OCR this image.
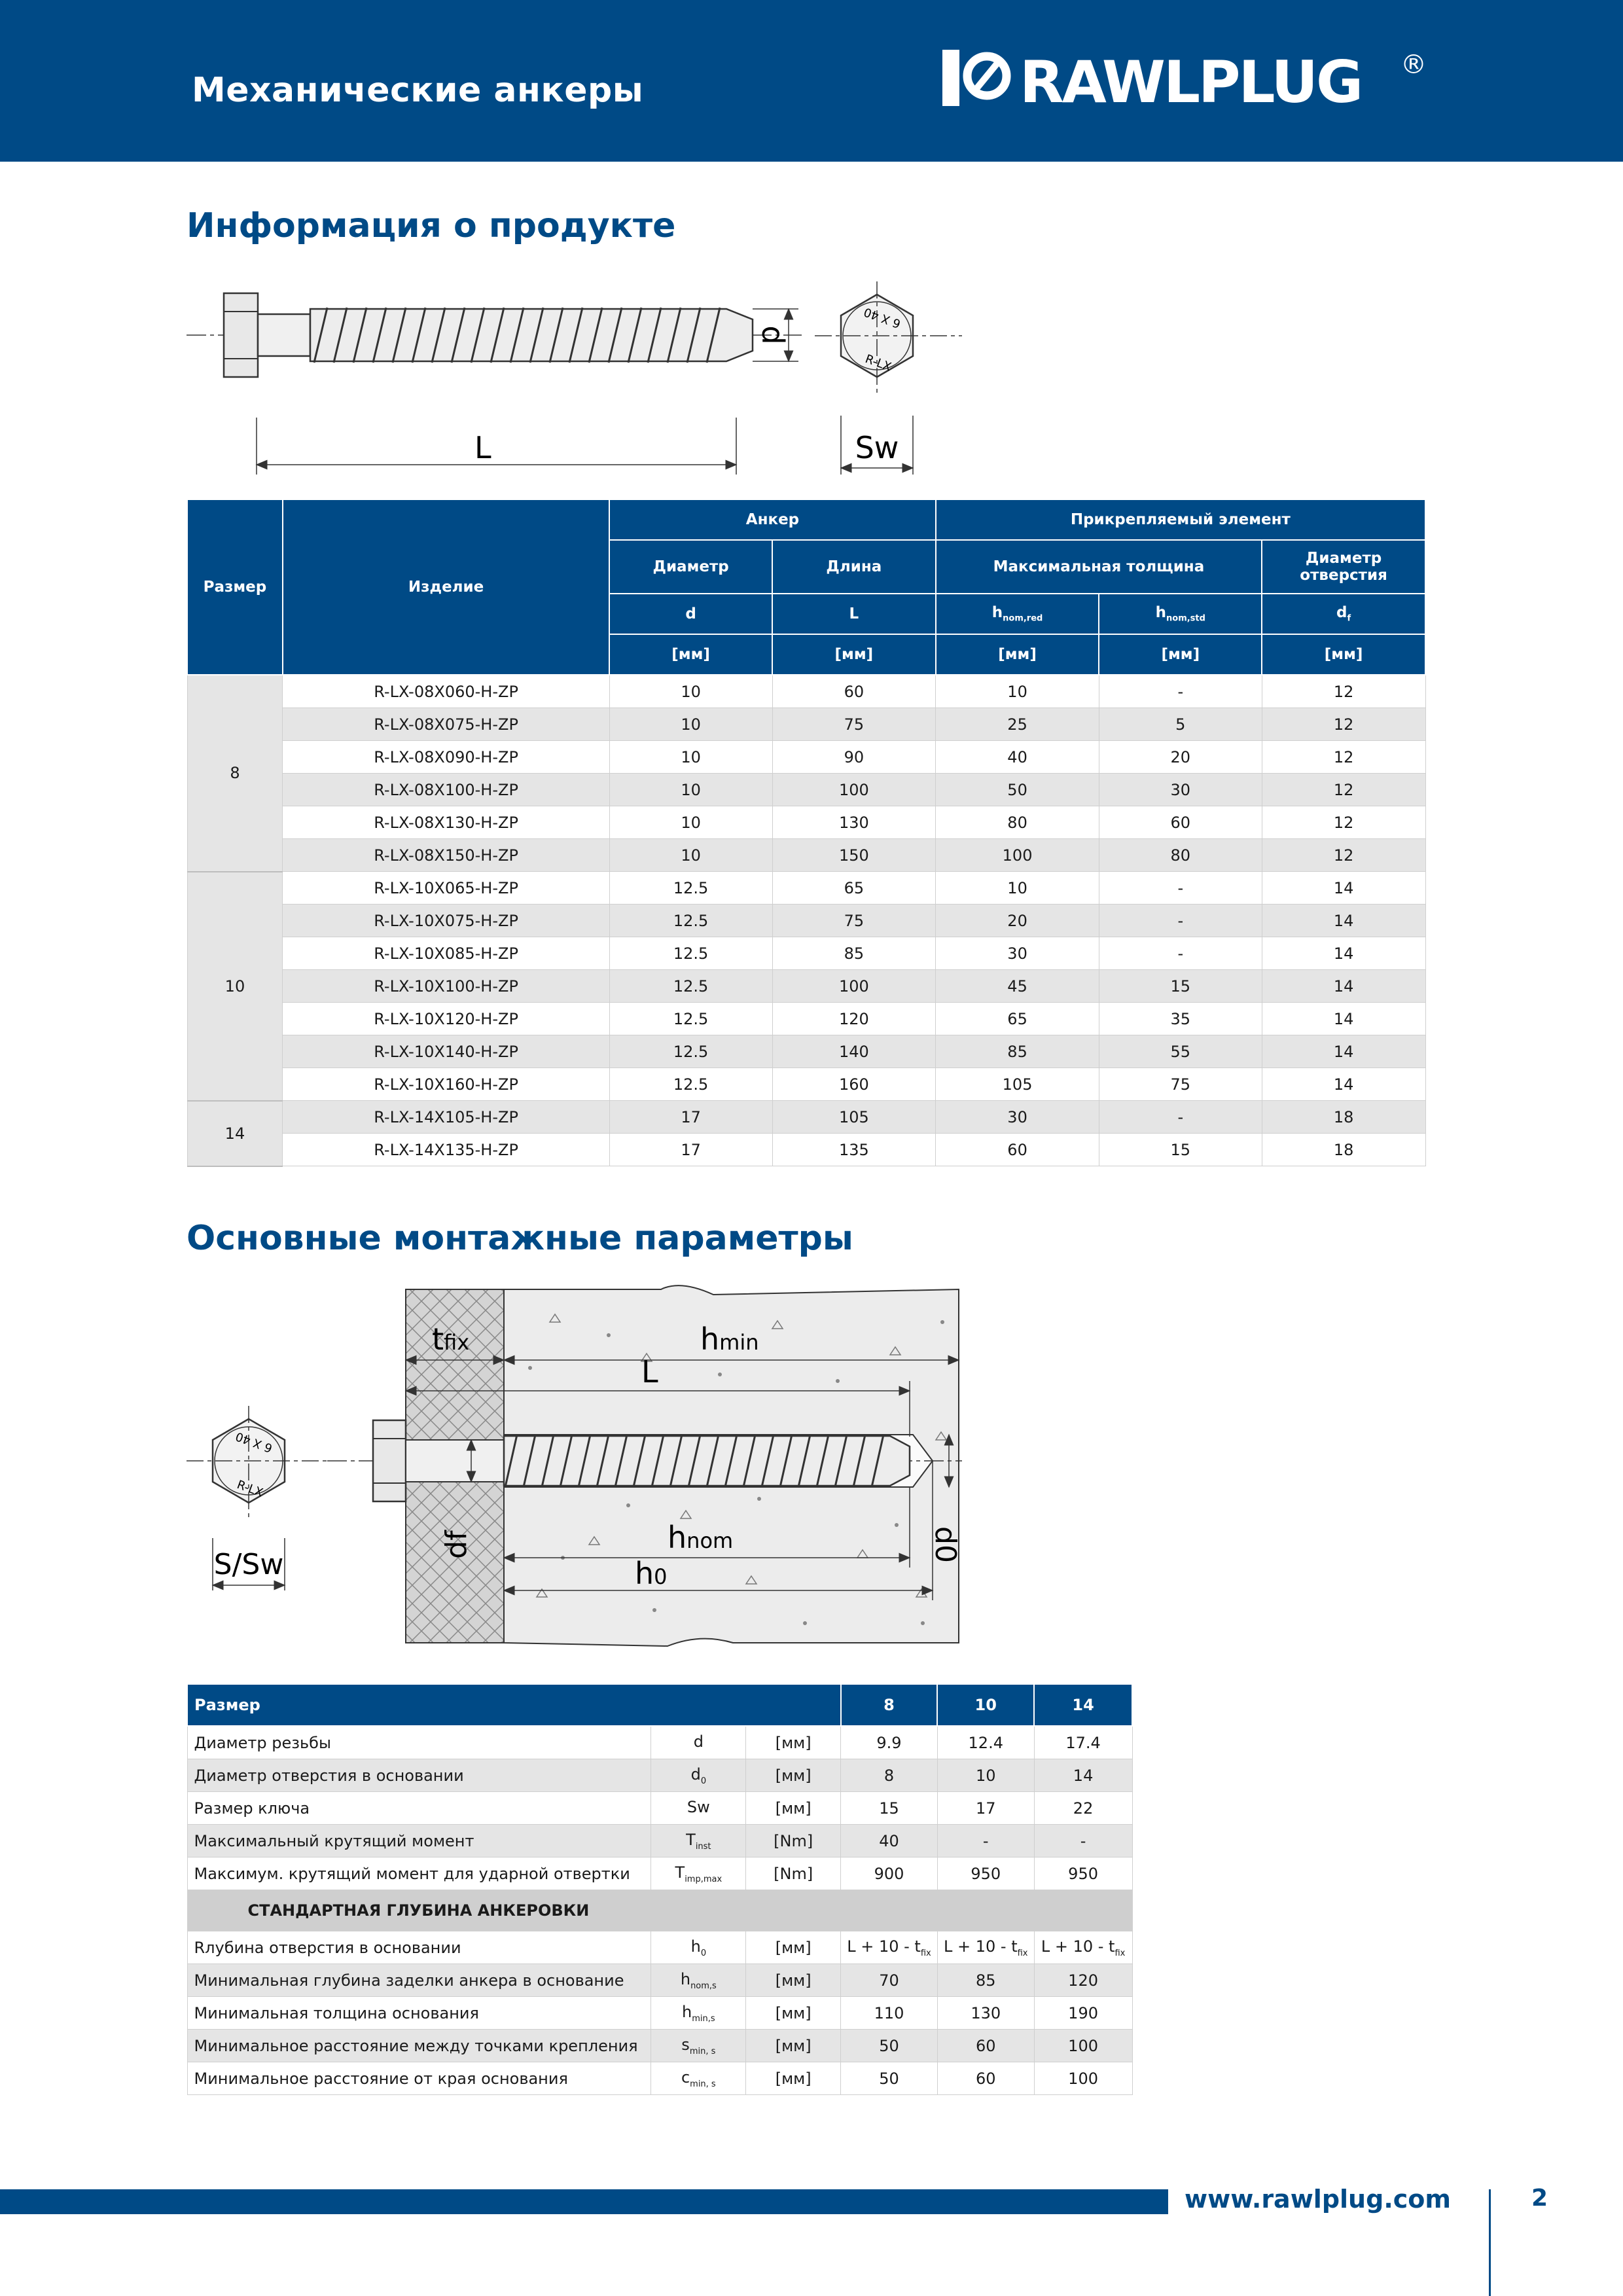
Механические анкеры	RAWLPLUG ®
Информация о продукте
d
L
R-LX
6 X 40
Sw
Размер	Изделие	Анкер		Прикрепляемый элемент		
		Диаметр	Длина	Максимальная толщина		Диаметр отверстия
		d	L	$h_{nom,red}$	$h_{nom,std}$	$d_f$
		[мм]	[мм]	[мм]	[мм]	[мм]
8	R-LX-08X060-H-ZP	10	60	10	-	12
	R-LX-08X075-H-ZP	10	75	25	5	12
	R-LX-08X090-H-ZP	10	90	40	20	12
	R-LX-08X100-H-ZP	10	100	50	30	12
	R-LX-08X130-H-ZP	10	130	80	60	12
	R-LX-08X150-H-ZP	10	150	100	80	12
10	R-LX-10X065-H-ZP	12.5	65	10	-	14
	R-LX-10X075-H-ZP	12.5	75	20	-	14
	R-LX-10X085-H-ZP	12.5	85	30	-	14
	R-LX-10X100-H-ZP	12.5	100	45	15	14
	R-LX-10X120-H-ZP	12.5	120	65	35	14
	R-LX-10X140-H-ZP	12.5	140	85	55	14
	R-LX-10X160-H-ZP	12.5	160	105	75	14
14	R-LX-14X105-H-ZP	17	105	30	-	18
	R-LX-14X135-H-ZP	17	135	60	15	18
Основные монтажные параметры
tfix	hmin
L
df	d0
hnom
h0
R-LX
6 X 40
S/Sw
Размер			8	10	14
Диаметр резьбы	d	[мм]	9.9	12.4	17.4
Диаметр отверстия в основании	$d_0$	[мм]	8	10	14
Размер ключа	Sw	[мм]	15	17	22
Максимальный крутящий момент	$T_{inst}$	[Nm]	40	-	-
Максимум. крутящий момент для ударной отвертки	$T_{imp,max}$	[Nm]	900	950	950
СТАНДАРТНАЯ ГЛУБИНА АНКЕРОВКИ					
Rлубина отверстия в основании	$h_0$	[мм]	$L + 10 - t_{fix}$	$L + 10 - t_{fix}$	$L + 10 - t_{fix}$
Минимальная глубина заделки анкера в основание	$h_{nom,s}$	[мм]	70	85	120
Минимальная толщина основания	$h_{min,s}$	[мм]	110	130	190
Минимальное расстояние между точками крепления	$s_{min, s}$	[мм]	50	60	100
Минимальное расстояние от края основания	$c_{min, s}$	[мм]	50	60	100
www.rawlplug.com	2
